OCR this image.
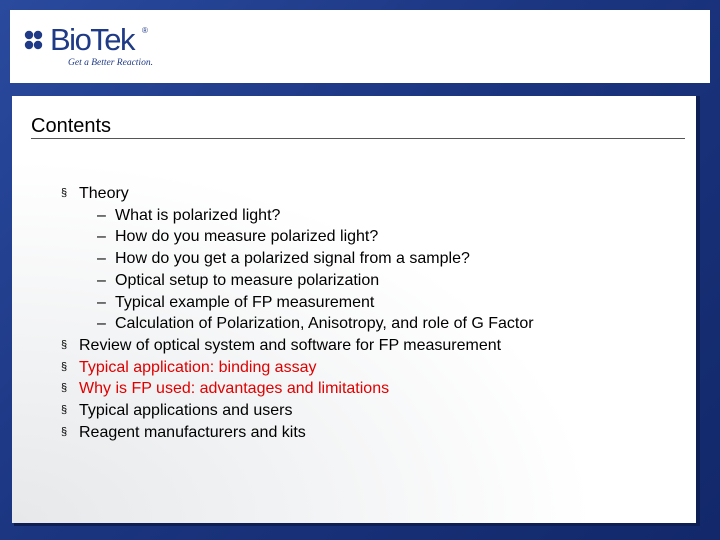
BioTek ®
Get a Better Reaction.
Contents
§ Theory
– What is polarized light?
– How do you measure polarized light?
– How do you get a polarized signal from a sample?
– Optical setup to measure polarization
– Typical example of FP measurement
– Calculation of Polarization, Anisotropy, and role of G Factor
§ Review of optical system and software for FP measurement
§ Typical application: binding assay
§ Why is FP used: advantages and limitations
§ Typical applications and users
§ Reagent manufacturers and kits
